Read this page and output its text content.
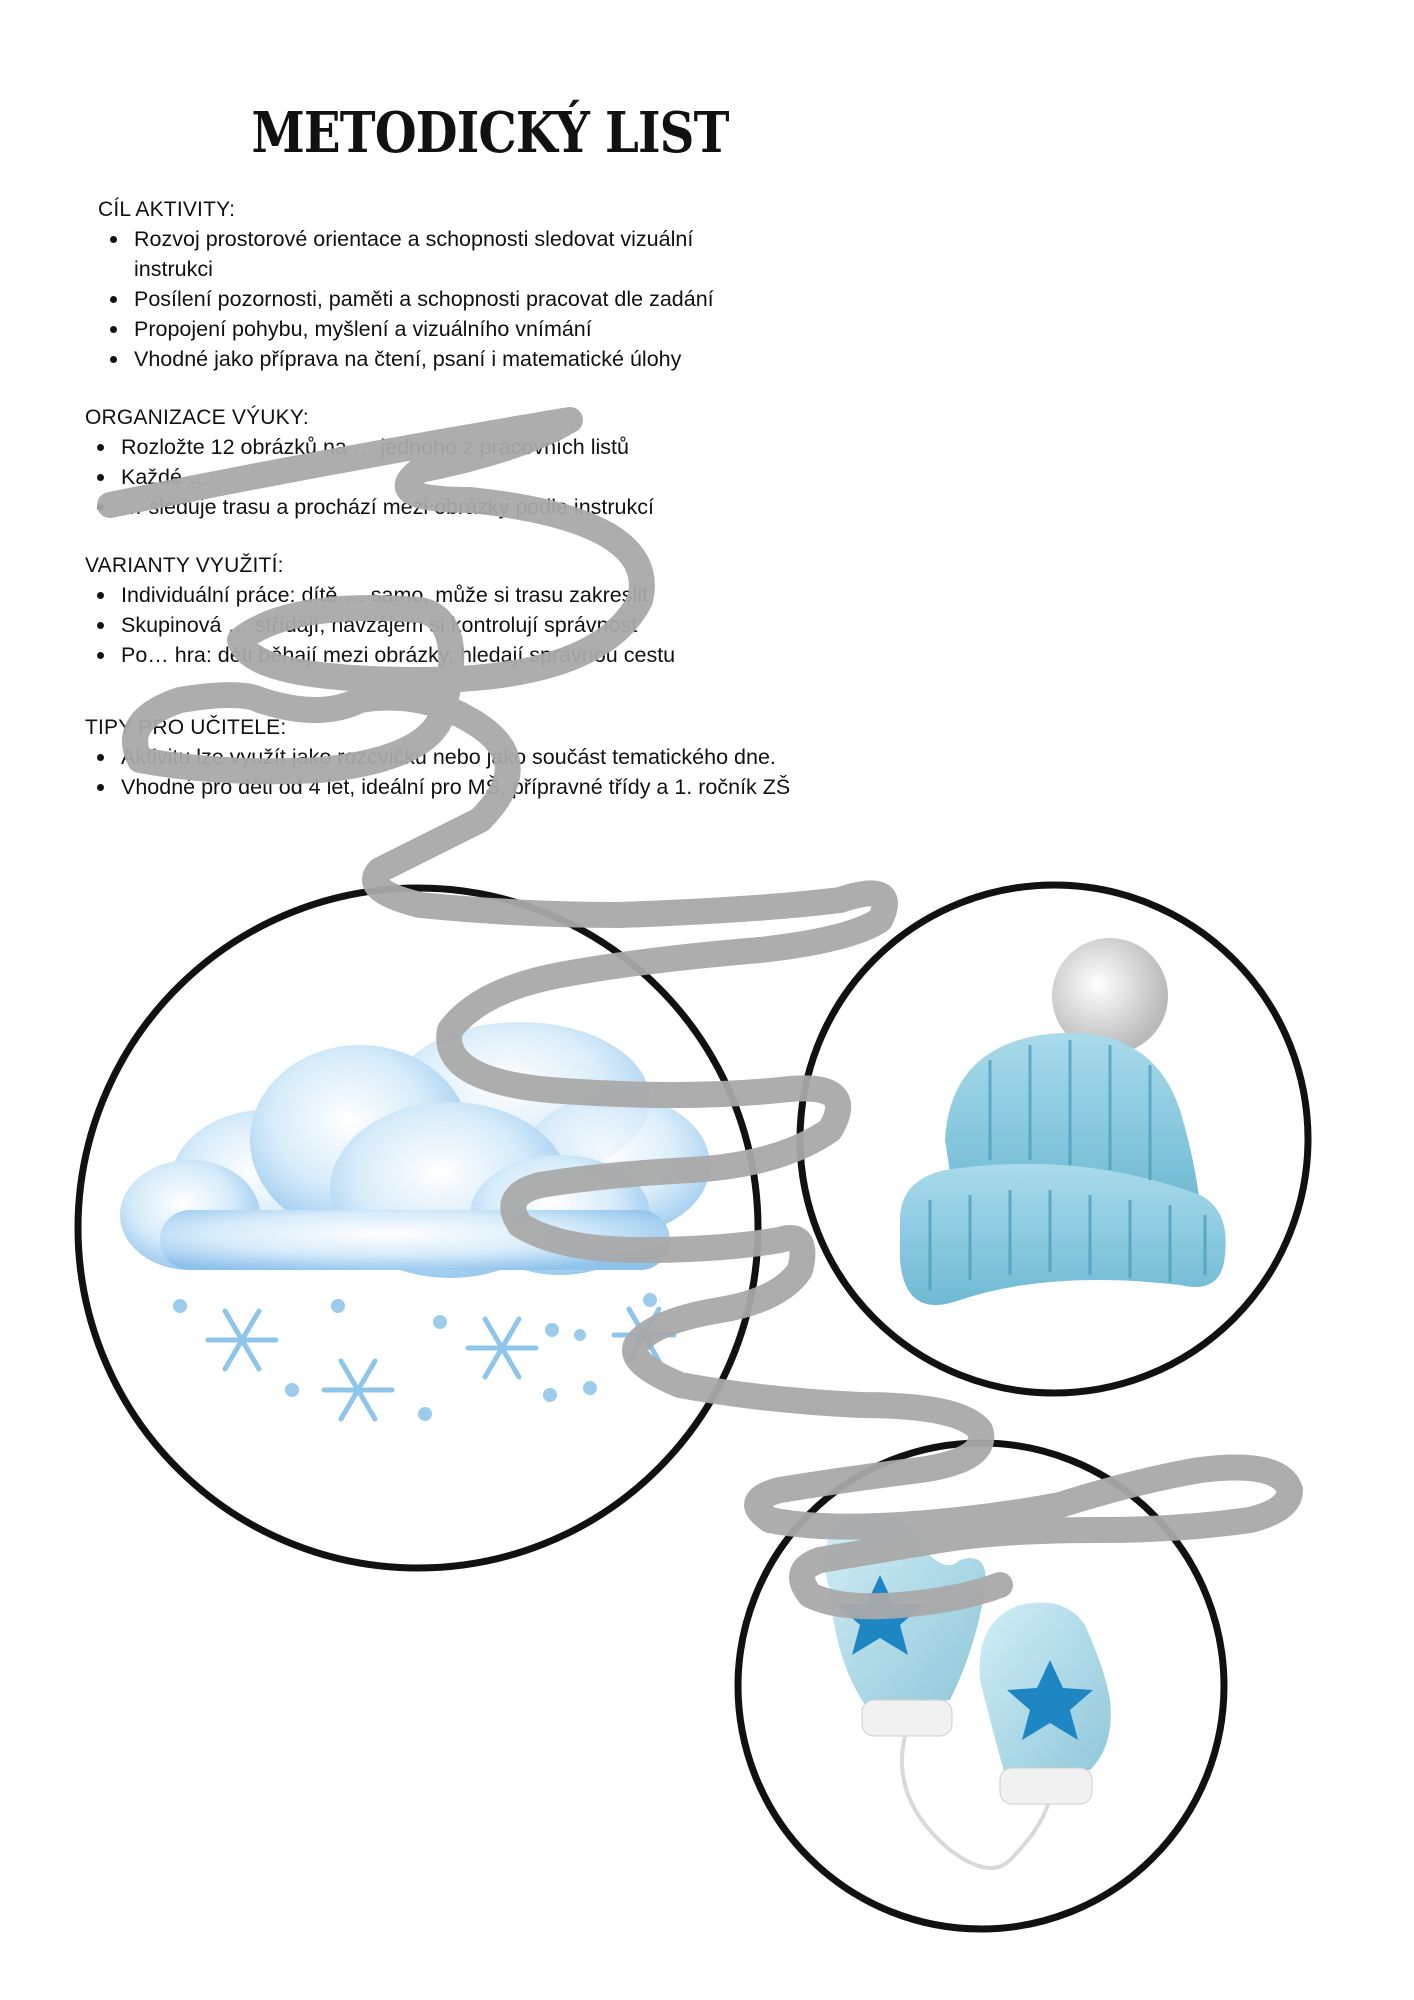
METODICKÝ LIST
CÍL AKTIVITY:
Rozvoj prostorové orientace a schopnosti sledovat vizuální
instrukci
Posílení pozornosti, paměti a schopnosti pracovat dle zadání
Propojení pohybu, myšlení a vizuálního vnímání
Vhodné jako příprava na čtení, psaní i matematické úlohy
ORGANIZACE VÝUKY:
Rozložte 12 obrázků na … jednoho z pracovních listů
Každé …
… sleduje trasu a prochází mezi obrázky podle instrukcí
VARIANTY VYUŽITÍ:
Individuální práce: dítě … samo, může si trasu zakreslit
Skupinová … střídají, navzájem si kontrolují správnost
Po… hra: děti běhají mezi obrázky, hledají správnou cestu
TIPY PRO UČITELE:
Aktivitu lze využít jako rozcvičku nebo jako součást tematického dne.
Vhodné pro děti od 4 let, ideální pro MŠ, přípravné třídy a 1. ročník ZŠ
